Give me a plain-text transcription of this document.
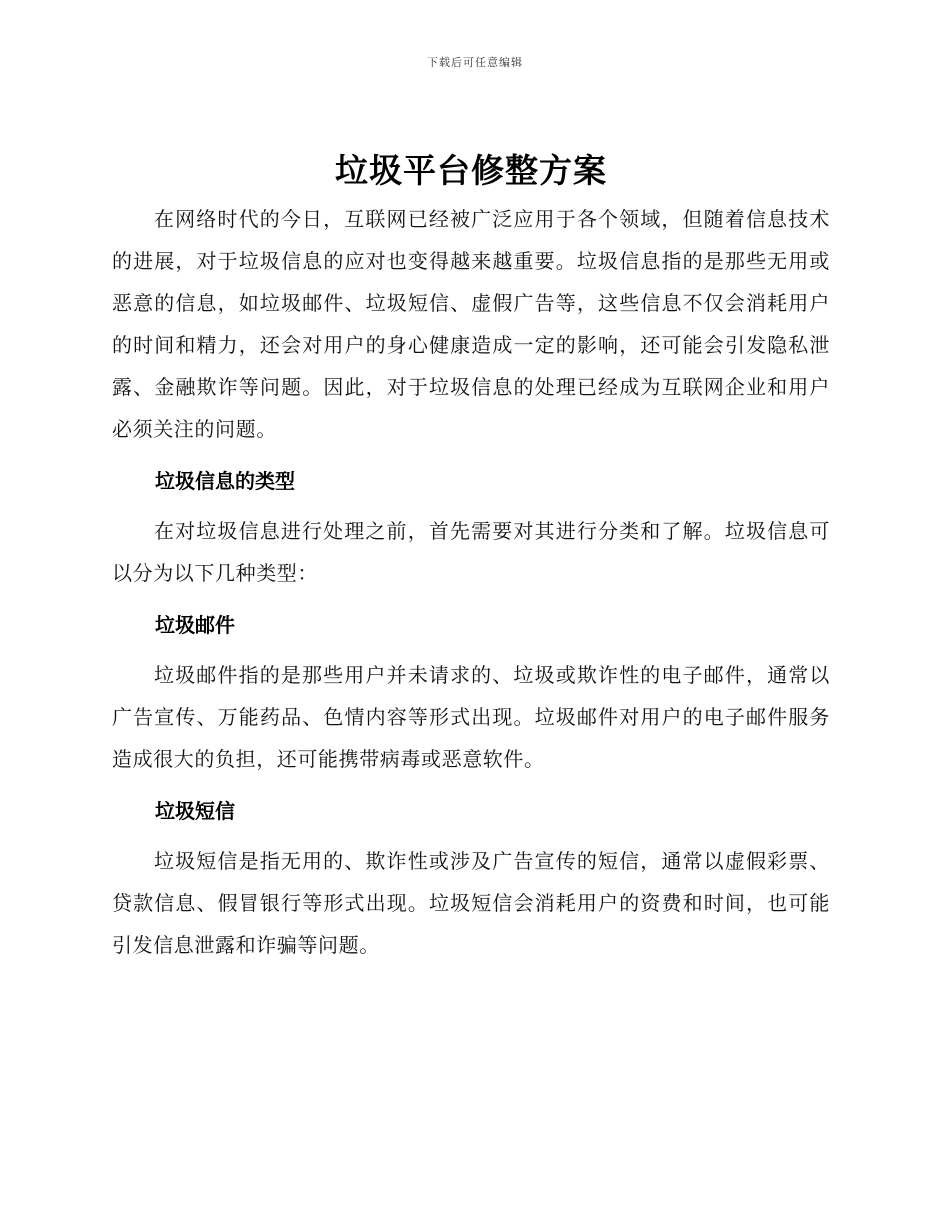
下载后可任意编辑
垃圾平台修整方案

在网络时代的今日，互联网已经被广泛应用于各个领域，但随着信息技术的进展，对于垃圾信息的应对也变得越来越重要。垃圾信息指的是那些无用或恶意的信息，如垃圾邮件、垃圾短信、虚假广告等，这些信息不仅会消耗用户的时间和精力，还会对用户的身心健康造成一定的影响，还可能会引发隐私泄露、金融欺诈等问题。因此，对于垃圾信息的处理已经成为互联网企业和用户必须关注的问题。

垃圾信息的类型

在对垃圾信息进行处理之前，首先需要对其进行分类和了解。垃圾信息可以分为以下几种类型：

垃圾邮件

垃圾邮件指的是那些用户并未请求的、垃圾或欺诈性的电子邮件，通常以广告宣传、万能药品、色情内容等形式出现。垃圾邮件对用户的电子邮件服务造成很大的负担，还可能携带病毒或恶意软件。

垃圾短信

垃圾短信是指无用的、欺诈性或涉及广告宣传的短信，通常以虚假彩票、贷款信息、假冒银行等形式出现。垃圾短信会消耗用户的资费和时间，也可能引发信息泄露和诈骗等问题。
